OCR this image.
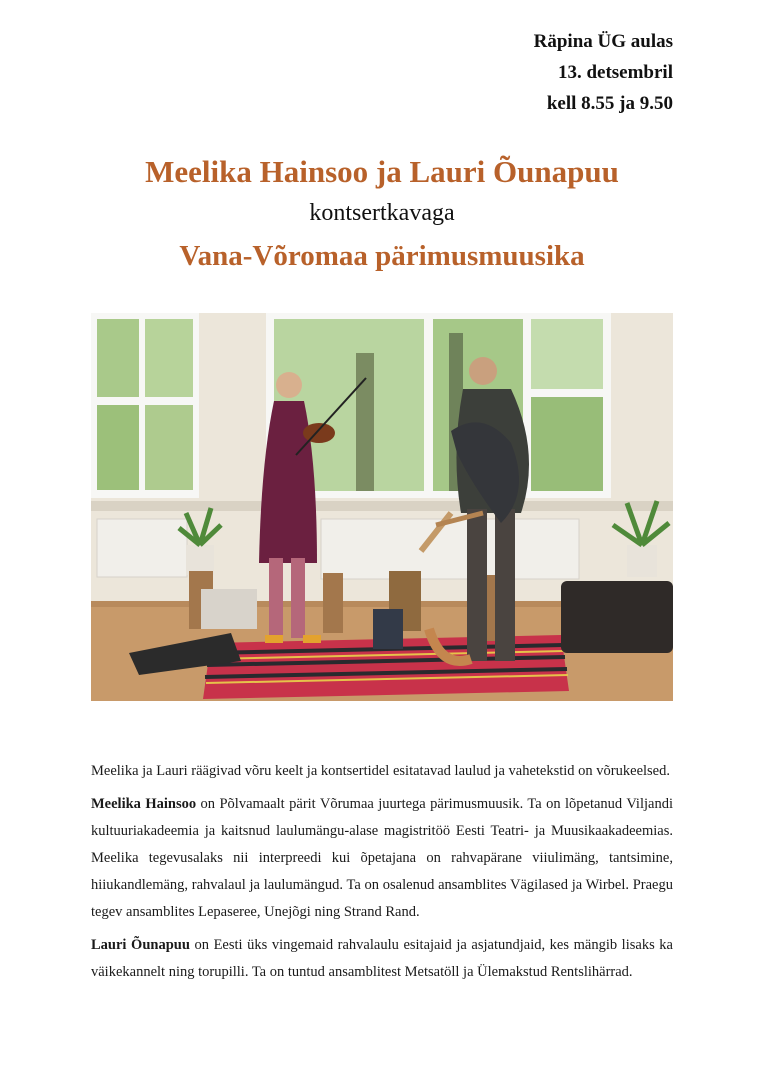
Räpina ÜG aulas
13. detsembril
kell 8.55 ja 9.50
Meelika Hainsoo ja Lauri Õunapuu
kontsertkavaga
Vana-Võromaa pärimusmuusika

Meelika ja Lauri räägivad võru keelt ja kontsertidel esitatavad laulud ja vahetekstid on võrukeelsed.

Meelika Hainsoo on Põlvamaalt pärit Võrumaa juurtega pärimusmuusik. Ta on lõpetanud Viljandi kultuuriakadeemia ja kaitsnud laulumängu-alase magistritöö Eesti Teatri- ja Muusikaakadeemias. Meelika tegevusalaks nii interpreedi kui õpetajana on rahvapärane viiulimäng, tantsimine, hiiukandlemäng, rahvalaul ja laulumängud. Ta on osalenud ansamblites Vägilased ja Wirbel. Praegu tegev ansamblites Lepaseree, Unejõgi ning Strand Rand.

Lauri Õunapuu on Eesti üks vingemaid rahvalaulu esitajaid ja asjatundjaid, kes mängib lisaks ka väikekannelt ning torupilli. Ta on tuntud ansamblitest Metsatöll ja Ülemakstud Rentslihärrad.
